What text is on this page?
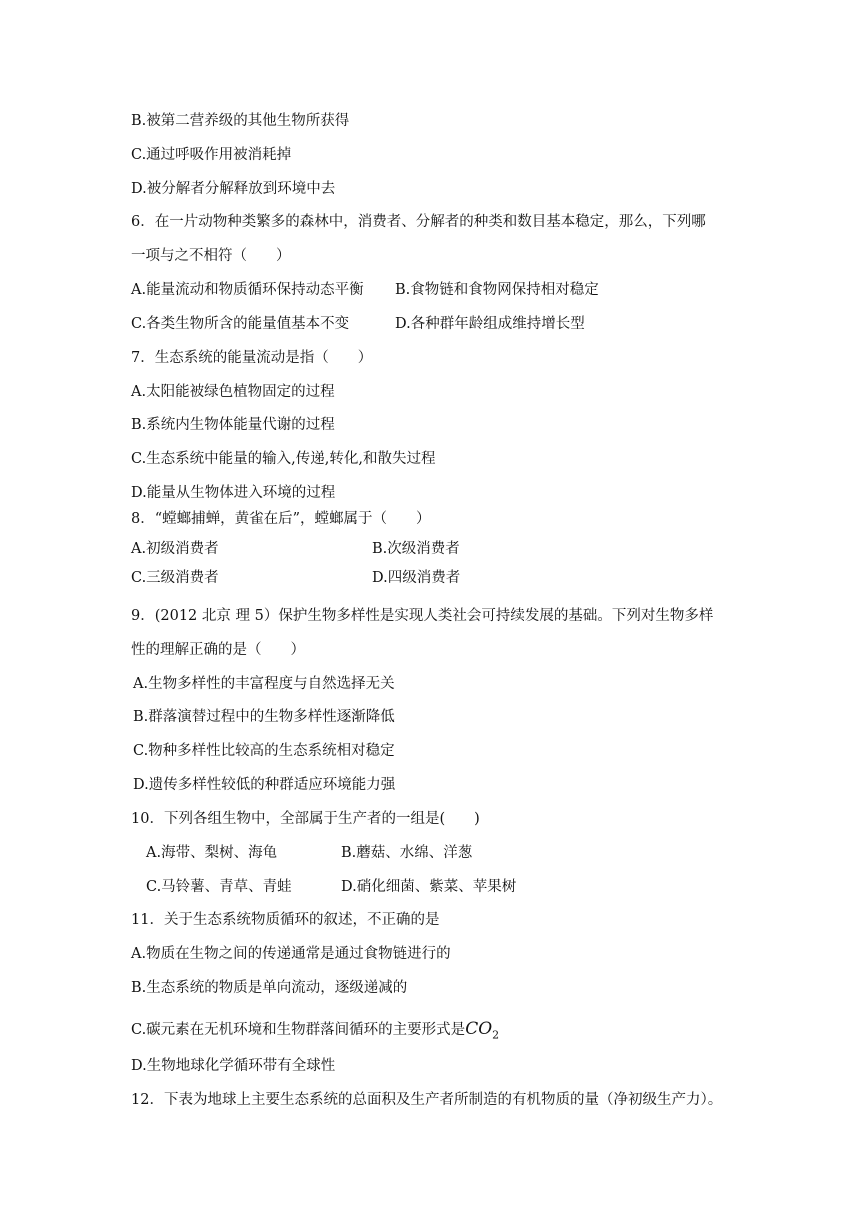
B.被第二营养级的其他生物所获得
C.通过呼吸作用被消耗掉
D.被分解者分解释放到环境中去
6．在一片动物种类繁多的森林中，消费者、分解者的种类和数目基本稳定，那么，下列哪
一项与之不相符（　　）
A.能量流动和物质循环保持动态平衡 B.食物链和食物网保持相对稳定
C.各类生物所含的能量值基本不变	D.各种群年龄组成维持增长型
7．生态系统的能量流动是指（　　）
A.太阳能被绿色植物固定的过程
B.系统内生物体能量代谢的过程
C.生态系统中能量的输入,传递,转化,和散失过程
D.能量从生物体进入环境的过程
8．“螳螂捕蝉，黄雀在后”，螳螂属于（　　）
A.初级消费者	B.次级消费者
C.三级消费者	D.四级消费者
9．(2012 北京 理 5）保护生物多样性是实现人类社会可持续发展的基础。下列对生物多样
性的理解正确的是（　　）
A.生物多样性的丰富程度与自然选择无关
B.群落演替过程中的生物多样性逐渐降低
C.物种多样性比较高的生态系统相对稳定
D.遗传多样性较低的种群适应环境能力强
10．下列各组生物中，全部属于生产者的一组是(　　)
A.海带、梨树、海龟	B.蘑菇、水绵、洋葱
C.马铃薯、青草、青蛙	D.硝化细菌、紫菜、苹果树
11．关于生态系统物质循环的叙述，不正确的是
A.物质在生物之间的传递通常是通过食物链进行的
B.生态系统的物质是单向流动，逐级递减的
C.碳元素在无机环境和生物群落间循环的主要形式是$CO_2$
D.生物地球化学循环带有全球性
12．下表为地球上主要生态系统的总面积及生产者所制造的有机物质的量（净初级生产力）。
